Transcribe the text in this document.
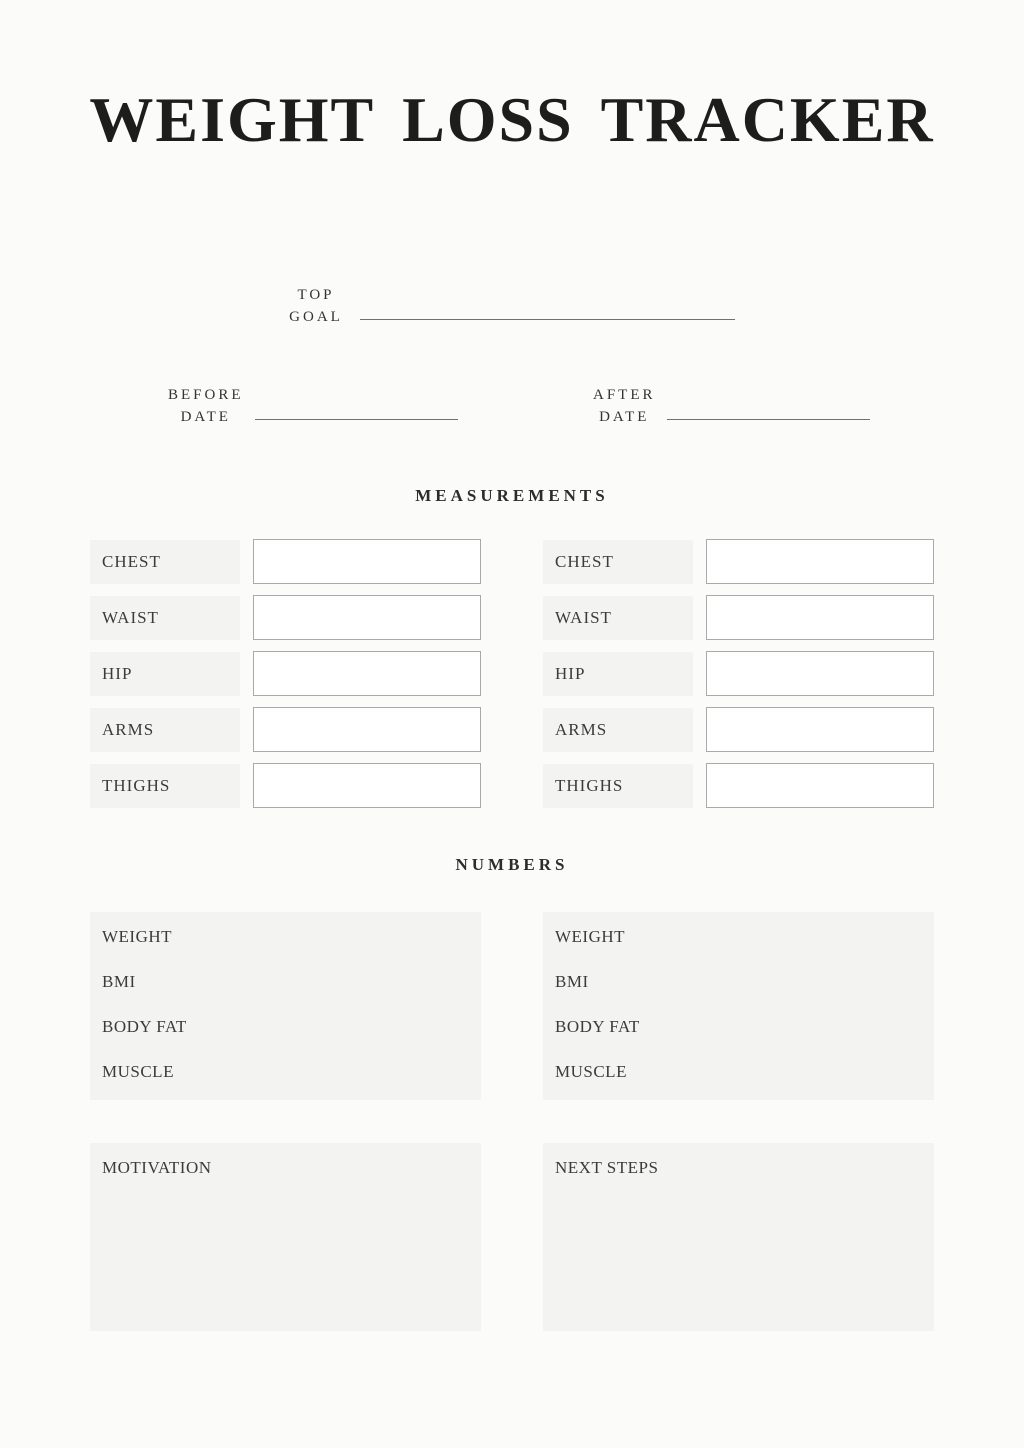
WEIGHT LOSS TRACKER
TOP
GOAL
BEFORE
DATE
AFTER
DATE
MEASUREMENTS
CHEST	CHEST
WAIST	WAIST
HIP	HIP
ARMS	ARMS
THIGHS	THIGHS
NUMBERS
WEIGHT
BMI
BODY FAT
MUSCLE
WEIGHT
BMI
BODY FAT
MUSCLE
MOTIVATION	NEXT STEPS
